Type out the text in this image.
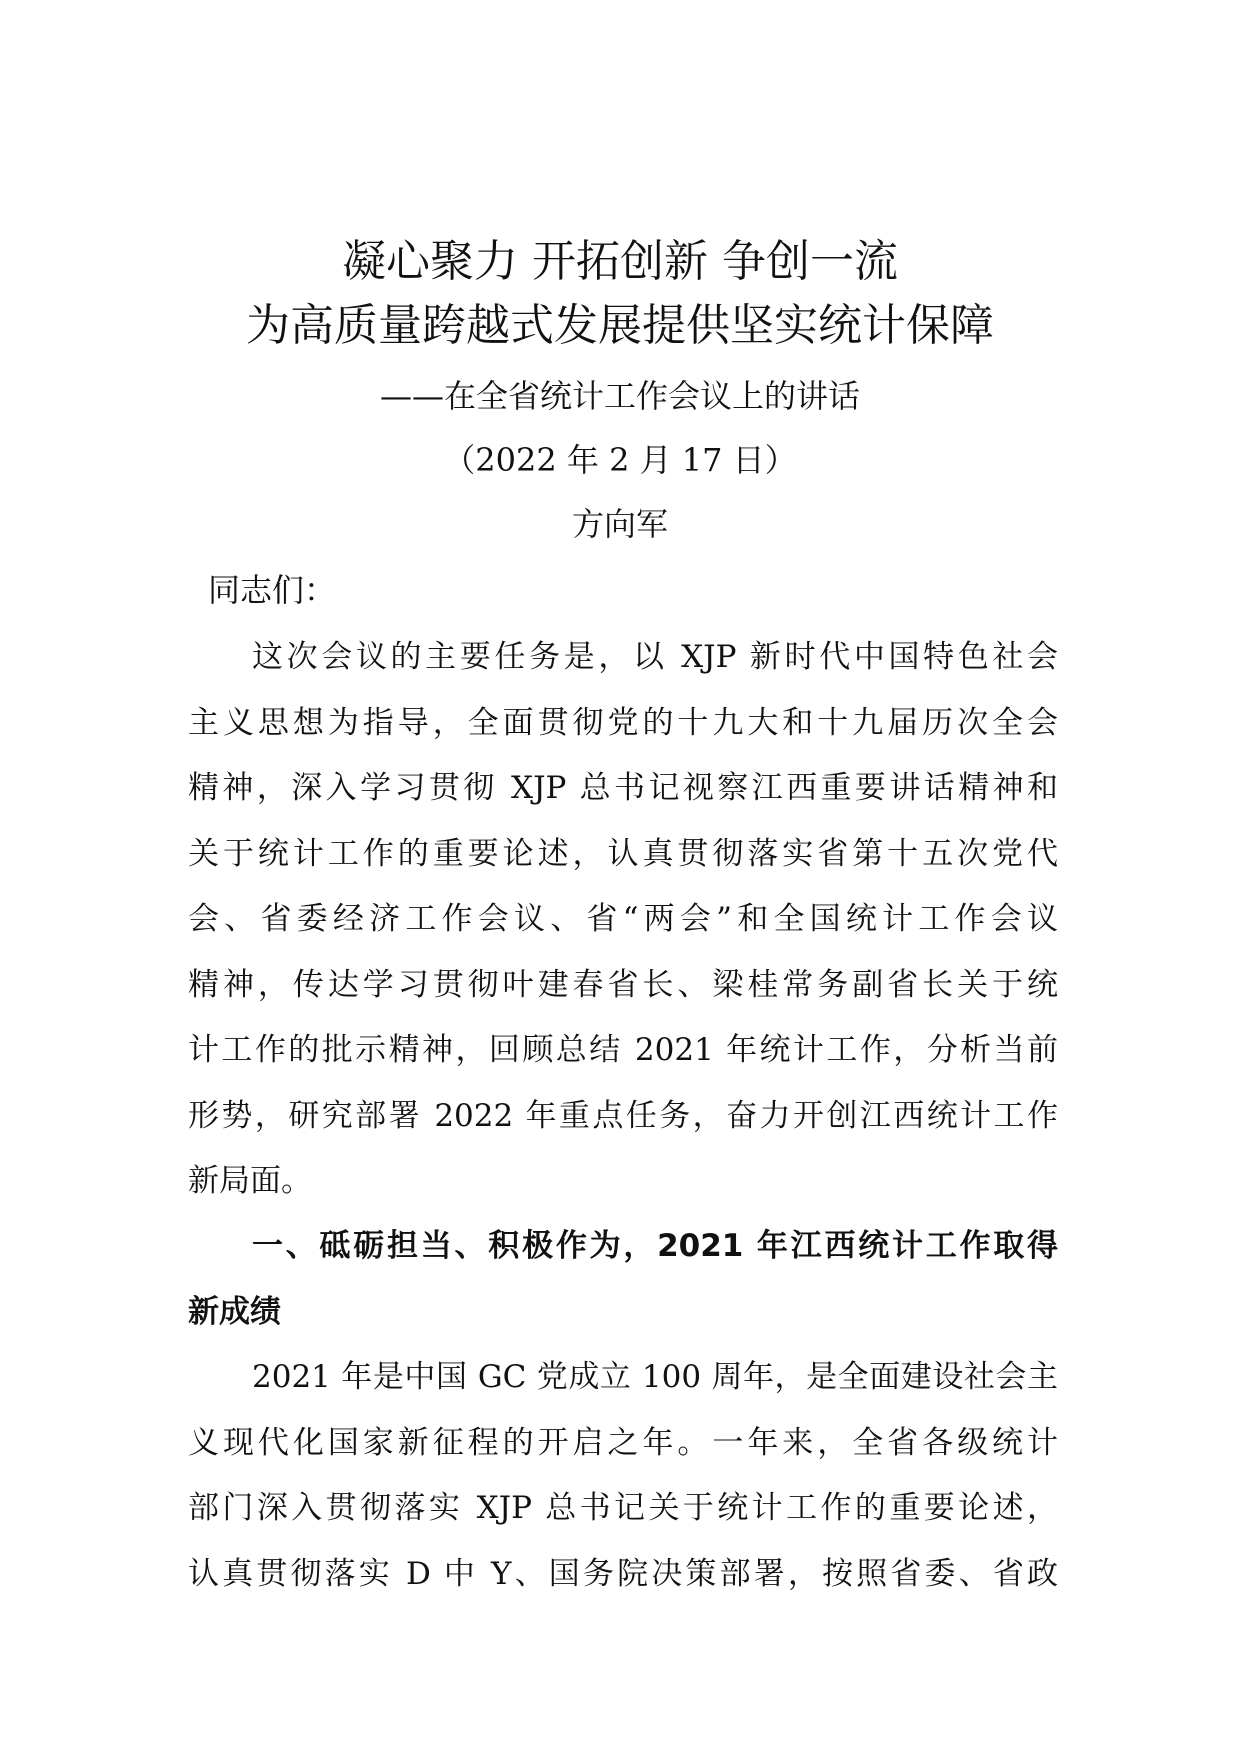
凝心聚力 开拓创新 争创一流
为高质量跨越式发展提供坚实统计保障
——在全省统计工作会议上的讲话
（2022 年 2 月 17 日）
方向军
同志们：
这次会议的主要任务是，以 XJP 新时代中国特色社会
主义思想为指导，全面贯彻党的十九大和十九届历次全会
精神，深入学习贯彻 XJP 总书记视察江西重要讲话精神和
关于统计工作的重要论述，认真贯彻落实省第十五次党代
会、省委经济工作会议、省“两会”和全国统计工作会议
精神，传达学习贯彻叶建春省长、梁桂常务副省长关于统
计工作的批示精神，回顾总结 2021 年统计工作，分析当前
形势，研究部署 2022 年重点任务，奋力开创江西统计工作
新局面。
一、砥砺担当、积极作为，2021 年江西统计工作取得
新成绩
2021 年是中国 GC 党成立 100 周年，是全面建设社会主
义现代化国家新征程的开启之年。一年来，全省各级统计
部门深入贯彻落实 XJP 总书记关于统计工作的重要论述，
认真贯彻落实 D 中 Y、国务院决策部署，按照省委、省政
